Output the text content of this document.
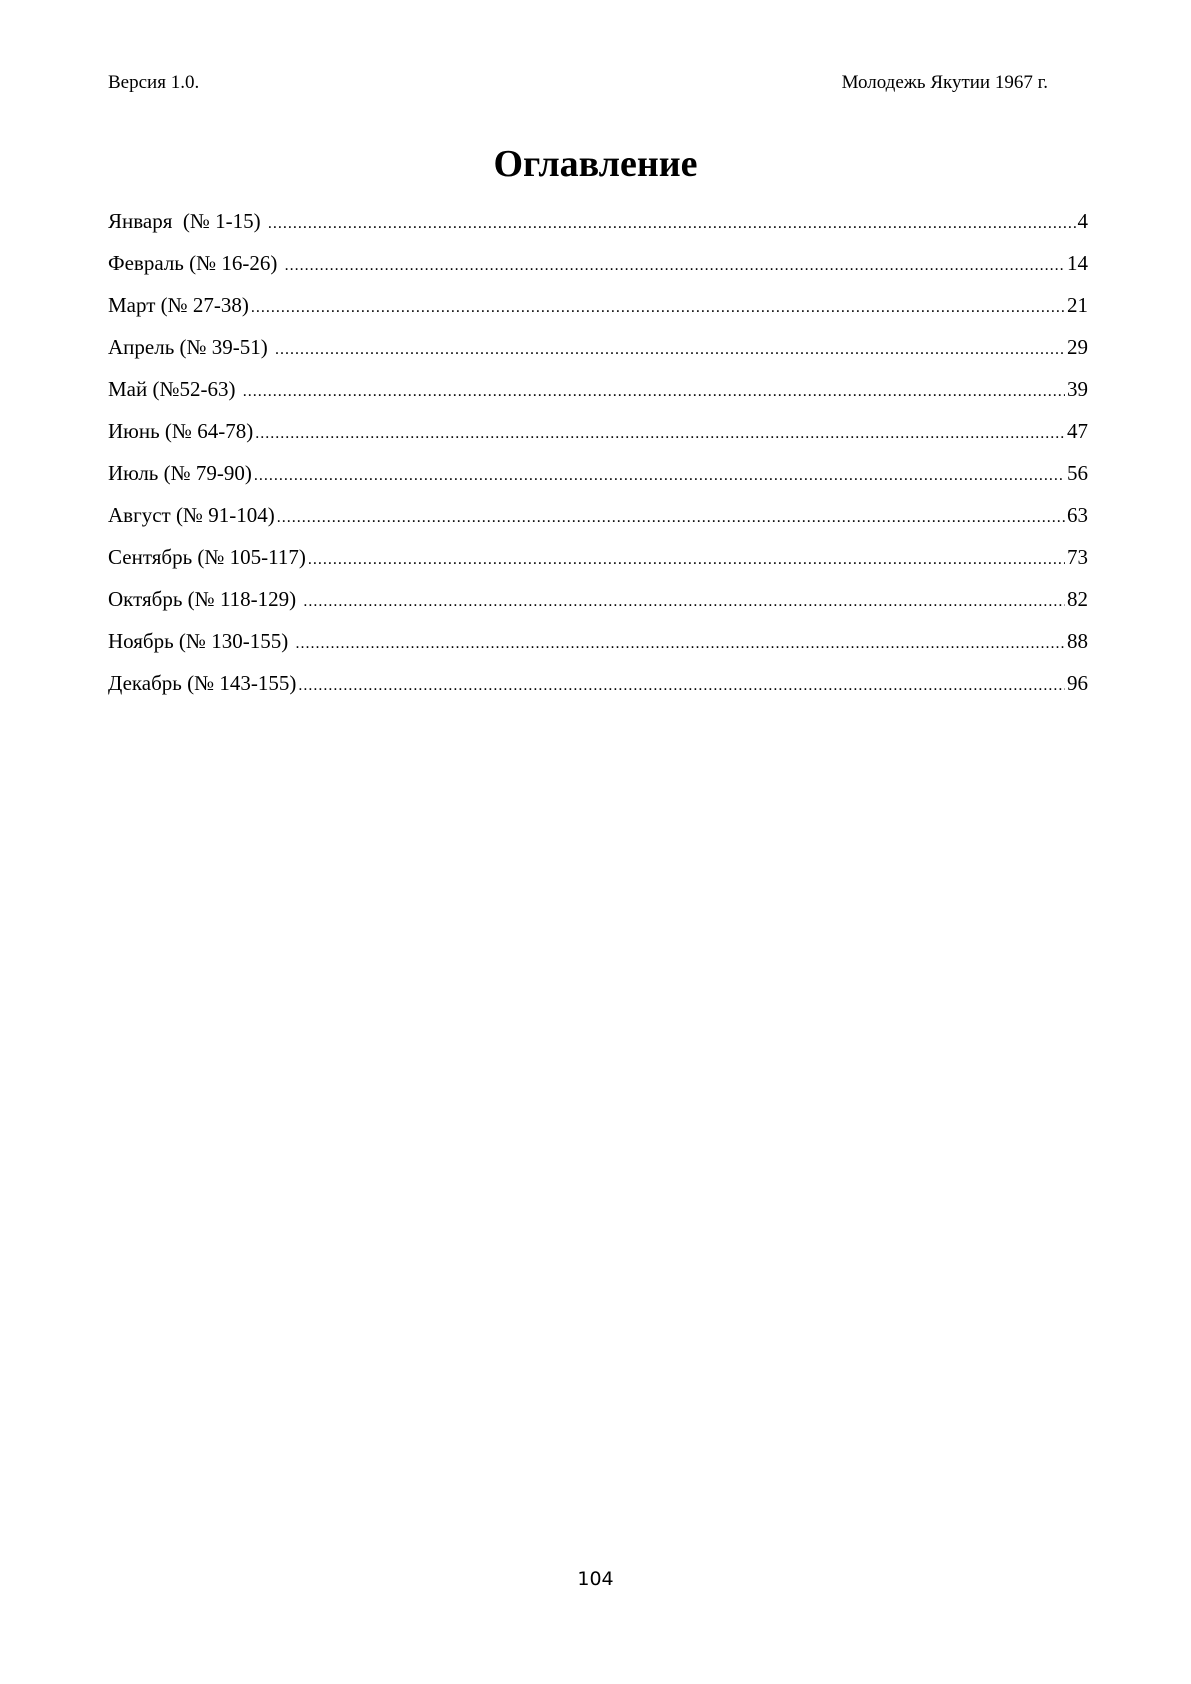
Версия 1.0.	Молодежь Якутии 1967 г.
Оглавление
Января  (№ 1-15) .....	4
Февраль (№ 16-26) .....	14
Март (№ 27-38) .....	21
Апрель (№ 39-51) .....	29
Май (№52-63) .....	39
Июнь (№ 64-78) .....	47
Июль (№ 79-90) .....	56
Август (№ 91-104) .....	63
Сентябрь (№ 105-117) .....	73
Октябрь (№ 118-129) .....	82
Ноябрь (№ 130-155) .....	88
Декабрь (№ 143-155) .....	96
104
